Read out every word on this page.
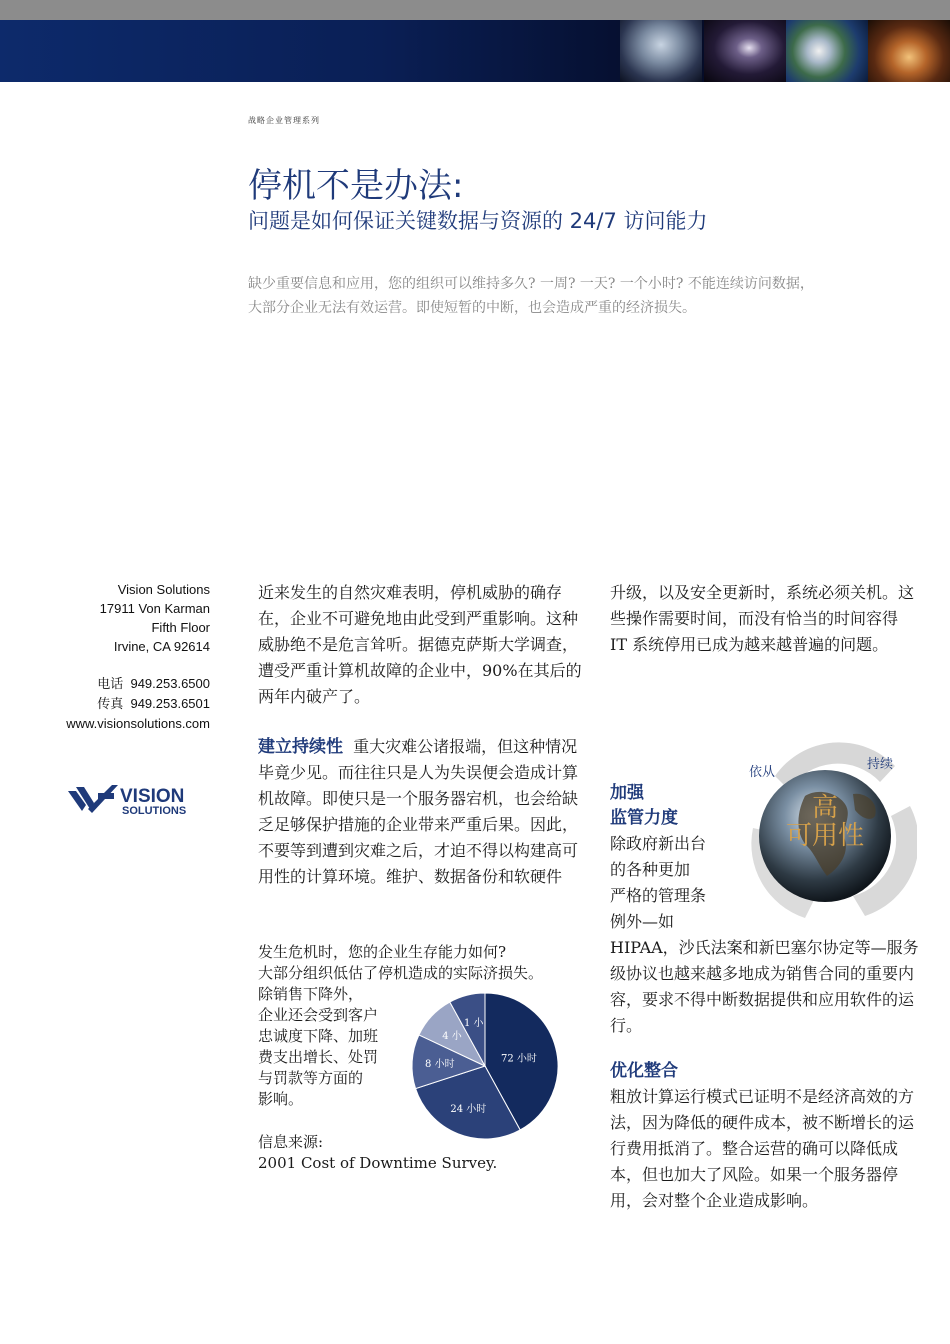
战略企业管理系列
停机不是办法:
问题是如何保证关键数据与资源的 24/7 访问能力
缺少重要信息和应用，您的组织可以维持多久? 一周? 一天? 一个小时? 不能连续访问数据，
大部分企业无法有效运营。即使短暂的中断，也会造成严重的经济损失。
Vision Solutions
17911 Von Karman
Fifth Floor
Irvine, CA 92614
电话 949.253.6500
传真 949.253.6501
www.visionsolutions.com
VISION
SOLUTIONS

近来发生的自然灾难表明，停机威胁的确存在，企业不可避免地由此受到严重影响。这种威胁绝不是危言耸听。据德克萨斯大学调查，遭受严重计算机故障的企业中，90%在其后的两年内破产了。

建立持续性 重大灾难公诸报端，但这种情况毕竟少见。而往往只是人为失误便会造成计算机故障。即使只是一个服务器宕机，也会给缺乏足够保护措施的企业带来严重后果。因此，不要等到遭到灾难之后，才迫不得以构建高可用性的计算环境。维护、数据备份和软硬件

发生危机时，您的企业生存能力如何?
大部分组织低估了停机造成的实际济损失。
除销售下降外，
企业还会受到客户
忠诚度下降、加班
费支出增长、处罚
与罚款等方面的
影响。
信息来源:
2001 Cost of Downtime Survey.
72 小时
24 小时
8 小时
4 小
1 小

升级，以及安全更新时，系统必须关机。这些操作需要时间，而没有恰当的时间容得 IT 系统停用已成为越来越普遍的问题。

加强
监管力度
除政府新出台
的各种更加
严格的管理条
例外—如
HIPAA，沙氏法案和新巴塞尔协定等—服务级协议也越来越多地成为销售合同的重要内容，要求不得中断数据提供和应用软件的运行。
优化整合

粗放计算运行模式已证明不是经济高效的方法，因为降低的硬件成本，被不断增长的运行费用抵消了。整合运营的确可以降低成本，但也加大了风险。如果一个服务器停用，会对整个企业造成影响。

依从
持续
高
可用性
